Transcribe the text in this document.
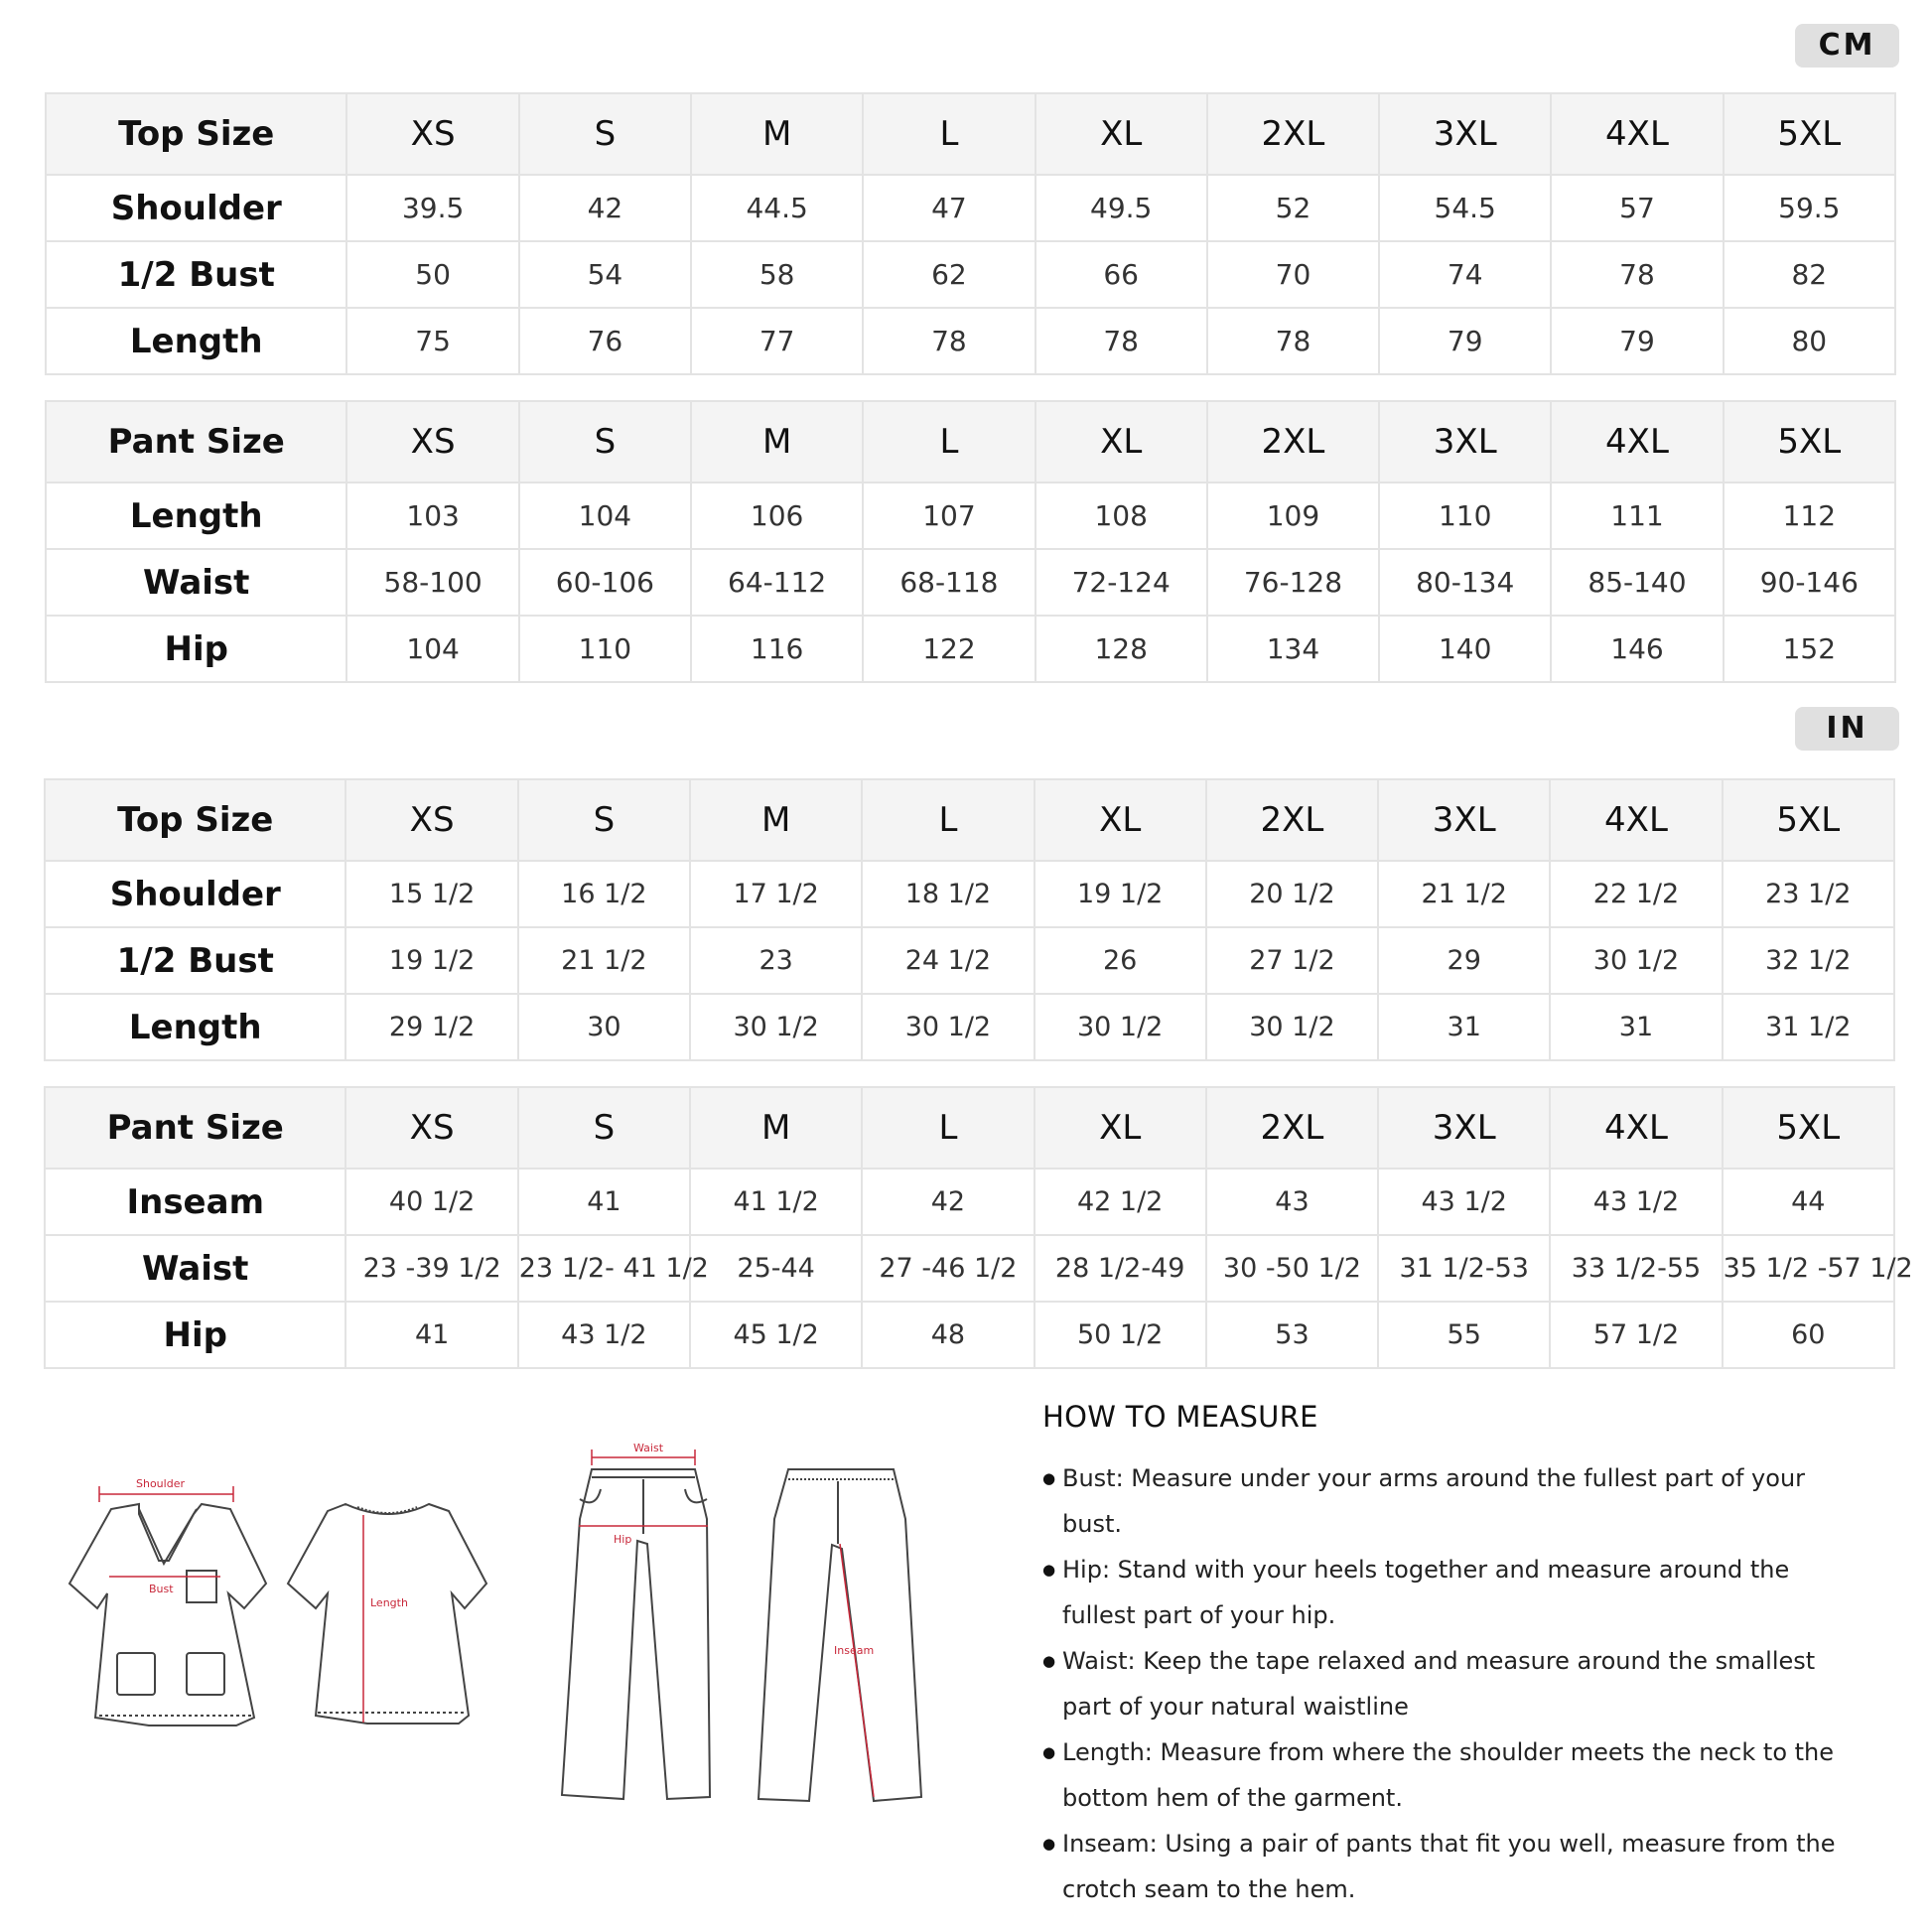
CM
Top Size	XS	S	M	L	XL	2XL	3XL	4XL	5XL
Shoulder	39.5	42	44.5	47	49.5	52	54.5	57	59.5
1/2 Bust	50	54	58	62	66	70	74	78	82
Length	75	76	77	78	78	78	79	79	80
Pant Size	XS	S	M	L	XL	2XL	3XL	4XL	5XL
Length	103	104	106	107	108	109	110	111	112
Waist	58-100	60-106	64-112	68-118	72-124	76-128	80-134	85-140	90-146
Hip	104	110	116	122	128	134	140	146	152
IN
Top Size	XS	S	M	L	XL	2XL	3XL	4XL	5XL
Shoulder	15 1/2	16 1/2	17 1/2	18 1/2	19 1/2	20 1/2	21 1/2	22 1/2	23 1/2
1/2 Bust	19 1/2	21 1/2	23	24 1/2	26	27 1/2	29	30 1/2	32 1/2
Length	29 1/2	30	30 1/2	30 1/2	30 1/2	30 1/2	31	31	31 1/2
Pant Size	XS	S	M	L	XL	2XL	3XL	4XL	5XL
Inseam	40 1/2	41	41 1/2	42	42 1/2	43	43 1/2	43 1/2	44
Waist	23 -39 1/2	23 1/2- 41 1/2	25-44	27 -46 1/2	28 1/2-49	30 -50 1/2	31 1/2-53	33 1/2-55	35 1/2 -57 1/2
Hip	41	43 1/2	45 1/2	48	50 1/2	53	55	57 1/2	60
Shoulder
Bust
Length
Waist
Hip
Inseam
HOW TO MEASURE
● Bust: Measure under your arms around the fullest part of your bust.
● Hip: Stand with your heels together and measure around the fullest part of your hip.
● Waist: Keep the tape relaxed and measure around the smallest part of your natural waistline
● Length: Measure from where the shoulder meets the neck to the bottom hem of the garment.
● Inseam: Using a pair of pants that fit you well, measure from the crotch seam to the hem.
